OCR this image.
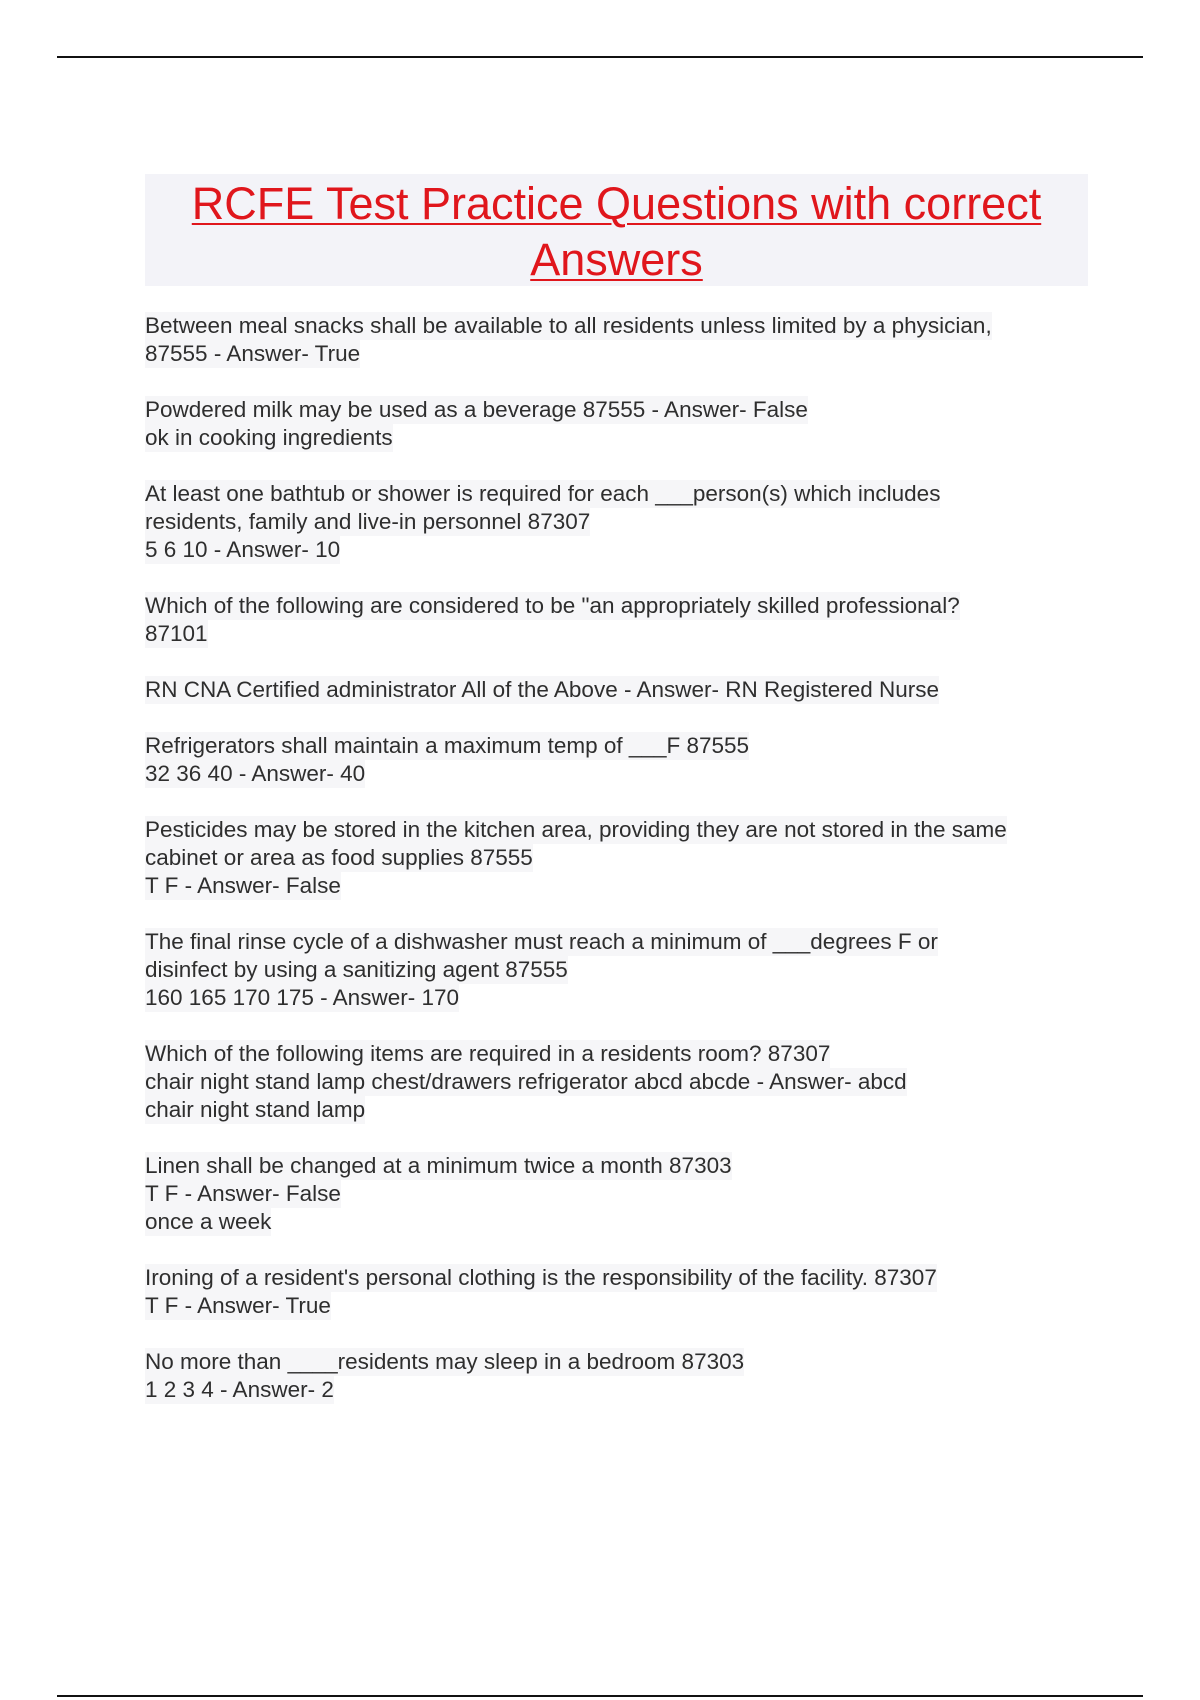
RCFE Test Practice Questions with correct
Answers
Between meal snacks shall be available to all residents unless limited by a physician,
87555 - Answer- True
Powdered milk may be used as a beverage 87555 - Answer- False
ok in cooking ingredients
At least one bathtub or shower is required for each ___person(s) which includes
residents, family and live-in personnel 87307
5 6 10 - Answer- 10
Which of the following are considered to be "an appropriately skilled professional?
87101
RN CNA Certified administrator All of the Above - Answer- RN Registered Nurse
Refrigerators shall maintain a maximum temp of ___F 87555
32 36 40 - Answer- 40
Pesticides may be stored in the kitchen area, providing they are not stored in the same
cabinet or area as food supplies 87555
T F - Answer- False
The final rinse cycle of a dishwasher must reach a minimum of ___degrees F or
disinfect by using a sanitizing agent 87555
160 165 170 175 - Answer- 170
Which of the following items are required in a residents room? 87307
chair night stand lamp chest/drawers refrigerator abcd abcde - Answer- abcd
chair night stand lamp
Linen shall be changed at a minimum twice a month 87303
T F - Answer- False
once a week
Ironing of a resident's personal clothing is the responsibility of the facility. 87307
T F - Answer- True
No more than ____residents may sleep in a bedroom 87303
1 2 3 4 - Answer- 2
